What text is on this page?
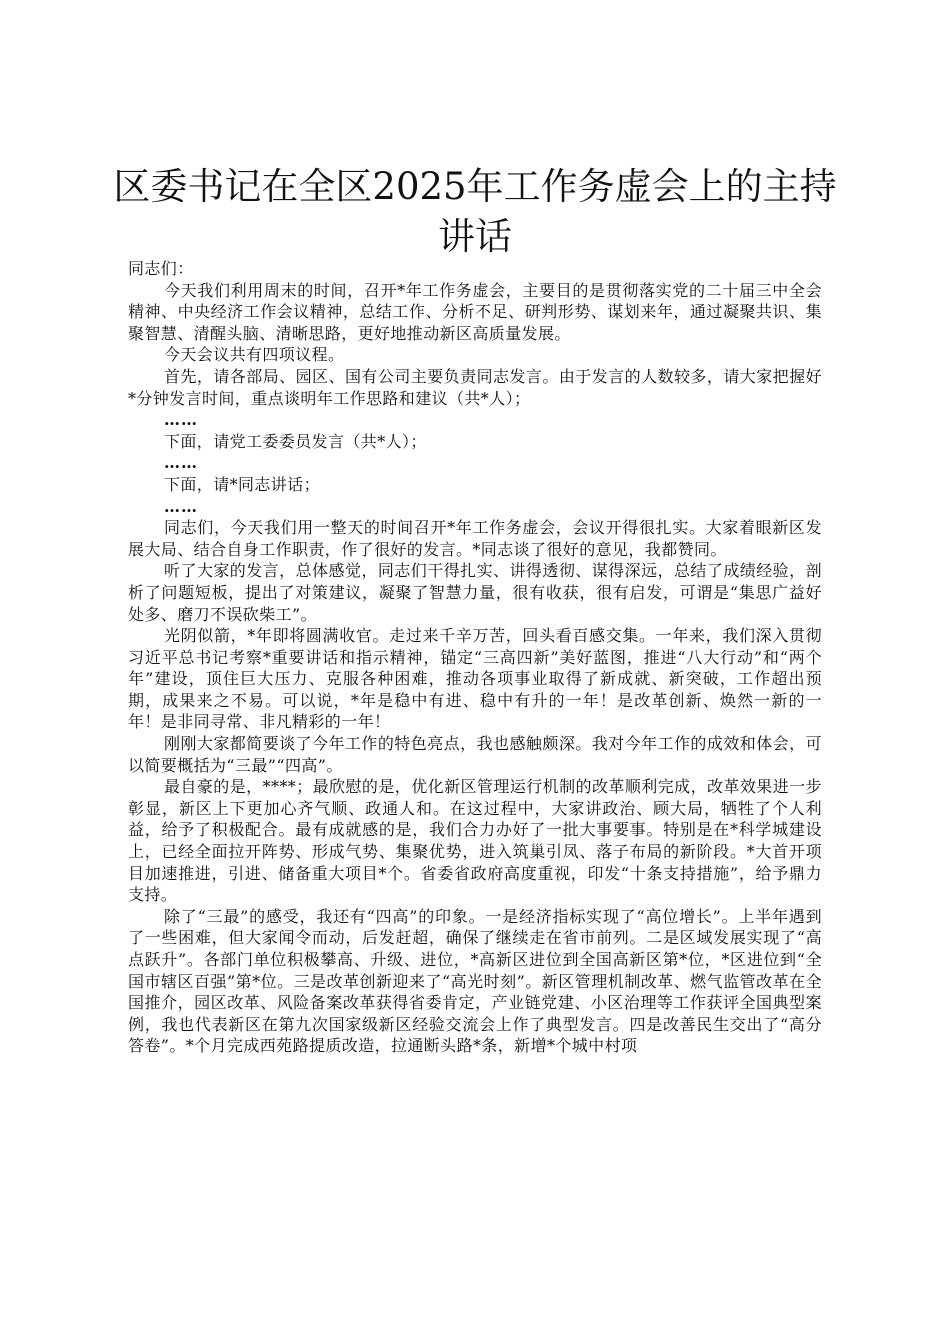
区委书记在全区2025年工作务虚会上的主持讲话

同志们：

今天我们利用周末的时间，召开*年工作务虚会，主要目的是贯彻落实党的二十届三中全会精神、中央经济工作会议精神，总结工作、分析不足、研判形势、谋划来年，通过凝聚共识、集聚智慧、清醒头脑、清晰思路，更好地推动新区高质量发展。

今天会议共有四项议程。

首先，请各部局、园区、国有公司主要负责同志发言。由于发言的人数较多，请大家把握好*分钟发言时间，重点谈明年工作思路和建议（共*人）；

……

下面，请党工委委员发言（共*人）；

……

下面，请*同志讲话；

……

同志们，今天我们用一整天的时间召开*年工作务虚会，会议开得很扎实。大家着眼新区发展大局、结合自身工作职责，作了很好的发言。*同志谈了很好的意见，我都赞同。

听了大家的发言，总体感觉，同志们干得扎实、讲得透彻、谋得深远，总结了成绩经验，剖析了问题短板，提出了对策建议，凝聚了智慧力量，很有收获，很有启发，可谓是“集思广益好处多、磨刀不误砍柴工”。

光阴似箭，*年即将圆满收官。走过来千辛万苦，回头看百感交集。一年来，我们深入贯彻习近平总书记考察*重要讲话和指示精神，锚定“三高四新”美好蓝图，推进“八大行动”和“两个年”建设，顶住巨大压力、克服各种困难，推动各项事业取得了新成就、新突破，工作超出预期，成果来之不易。可以说，*年是稳中有进、稳中有升的一年！是改革创新、焕然一新的一年！是非同寻常、非凡精彩的一年！

刚刚大家都简要谈了今年工作的特色亮点，我也感触颇深。我对今年工作的成效和体会，可以简要概括为“三最”“四高”。

最自豪的是，****；最欣慰的是，优化新区管理运行机制的改革顺利完成，改革效果进一步彰显，新区上下更加心齐气顺、政通人和。在这过程中，大家讲政治、顾大局，牺牲了个人利益，给予了积极配合。最有成就感的是，我们合力办好了一批大事要事。特别是在*科学城建设上，已经全面拉开阵势、形成气势、集聚优势，进入筑巢引凤、落子布局的新阶段。*大首开项目加速推进，引进、储备重大项目*个。省委省政府高度重视，印发“十条支持措施”，给予鼎力支持。

除了“三最”的感受，我还有“四高”的印象。一是经济指标实现了“高位增长”。上半年遇到了一些困难，但大家闻令而动，后发赶超，确保了继续走在省市前列。二是区域发展实现了“高点跃升”。各部门单位积极攀高、升级、进位，*高新区进位到全国高新区第*位，*区进位到“全国市辖区百强”第*位。三是改革创新迎来了“高光时刻”。新区管理机制改革、燃气监管改革在全国推介，园区改革、风险备案改革获得省委肯定，产业链党建、小区治理等工作获评全国典型案例，我也代表新区在第九次国家级新区经验交流会上作了典型发言。四是改善民生交出了“高分答卷”。*个月完成西苑路提质改造，拉通断头路*条，新增*个城中村项
